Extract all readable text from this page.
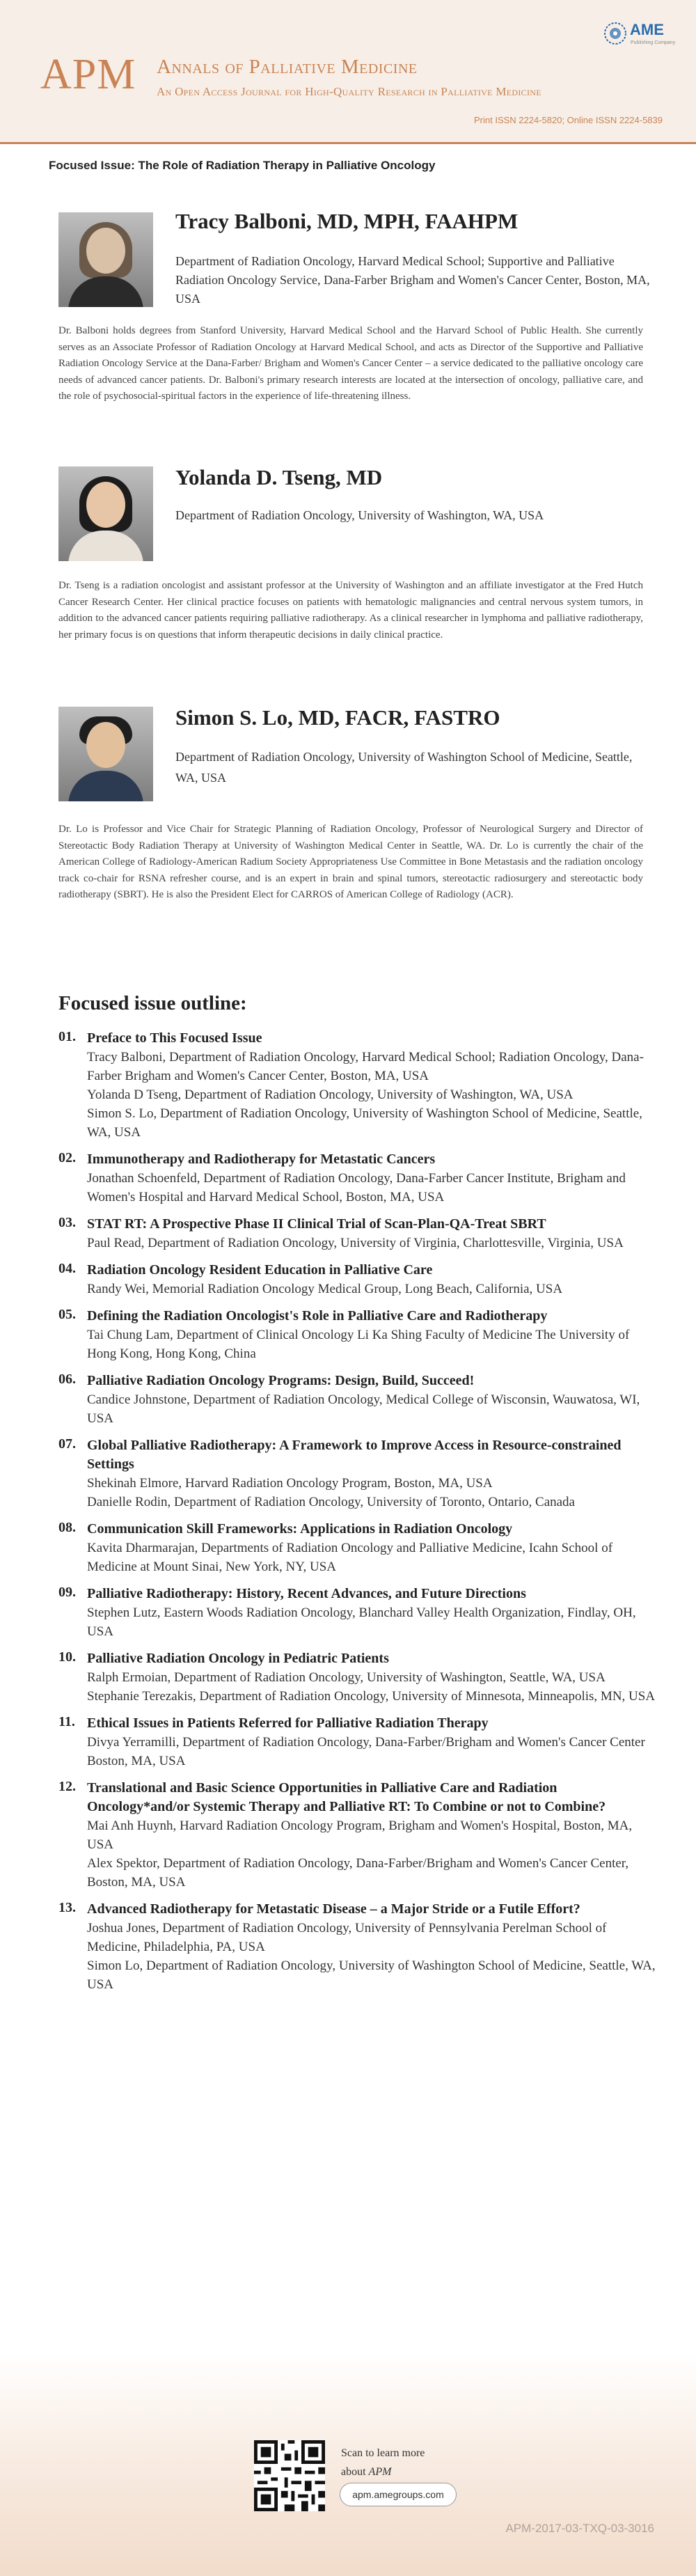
APM Annals of Palliative Medicine
An Open Access Journal for High-Quality Research in Palliative Medicine
AME
Publishing Company
Print ISSN 2224-5820; Online ISSN 2224-5839
Focused Issue: The Role of Radiation Therapy in Palliative Oncology
Tracy Balboni, MD, MPH, FAAHPM
Department of Radiation Oncology, Harvard Medical School; Supportive and Palliative Radiation Oncology Service, Dana-Farber Brigham and Women's Cancer Center, Boston, MA, USA
Dr. Balboni holds degrees from Stanford University, Harvard Medical School and the Harvard School of Public Health. She currently serves as an Associate Professor of Radiation Oncology at Harvard Medical School, and acts as Director of the Supportive and Palliative Radiation Oncology Service at the Dana-Farber/ Brigham and Women's Cancer Center – a service dedicated to the palliative oncology care needs of advanced cancer patients. Dr. Balboni's primary research interests are located at the intersection of oncology, palliative care, and the role of psychosocial-spiritual factors in the experience of life-threatening illness.
Yolanda D. Tseng, MD
Department of Radiation Oncology, University of Washington, WA, USA
Dr. Tseng is a radiation oncologist and assistant professor at the University of Washington and an affiliate investigator at the Fred Hutch Cancer Research Center. Her clinical practice focuses on patients with hematologic malignancies and central nervous system tumors, in addition to the advanced cancer patients requiring palliative radiotherapy. As a clinical researcher in lymphoma and palliative radiotherapy, her primary focus is on questions that inform therapeutic decisions in daily clinical practice.
Simon S. Lo, MD, FACR, FASTRO
Department of Radiation Oncology, University of Washington School of Medicine, Seattle, WA, USA
Dr. Lo is Professor and Vice Chair for Strategic Planning of Radiation Oncology, Professor of Neurological Surgery and Director of Stereotactic Body Radiation Therapy at University of Washington Medical Center in Seattle, WA. Dr. Lo is currently the chair of the American College of Radiology-American Radium Society Appropriateness Use Committee in Bone Metastasis and the radiation oncology track co-chair for RSNA refresher course, and is an expert in brain and spinal tumors, stereotactic radiosurgery and stereotactic body radiotherapy (SBRT). He is also the President Elect for CARROS of American College of Radiology (ACR).
Focused issue outline:
01. Preface to This Focused Issue
Tracy Balboni, Department of Radiation Oncology, Harvard Medical School; Radiation Oncology, Dana-Farber Brigham and Women's Cancer Center, Boston, MA, USA
Yolanda D Tseng, Department of Radiation Oncology, University of Washington, WA, USA
Simon S. Lo, Department of Radiation Oncology, University of Washington School of Medicine, Seattle, WA, USA
02. Immunotherapy and Radiotherapy for Metastatic Cancers
Jonathan Schoenfeld, Department of Radiation Oncology, Dana-Farber Cancer Institute, Brigham and Women's Hospital and Harvard Medical School, Boston, MA, USA
03. STAT RT: A Prospective Phase II Clinical Trial of Scan-Plan-QA-Treat SBRT
Paul Read, Department of Radiation Oncology, University of Virginia, Charlottesville, Virginia, USA
04. Radiation Oncology Resident Education in Palliative Care
Randy Wei, Memorial Radiation Oncology Medical Group, Long Beach, California, USA
05. Defining the Radiation Oncologist's Role in Palliative Care and Radiotherapy
Tai Chung Lam, Department of Clinical Oncology Li Ka Shing Faculty of Medicine The University of Hong Kong, Hong Kong, China
06. Palliative Radiation Oncology Programs: Design, Build, Succeed!
Candice Johnstone, Department of Radiation Oncology, Medical College of Wisconsin, Wauwatosa, WI, USA
07. Global Palliative Radiotherapy: A Framework to Improve Access in Resource-constrained Settings
Shekinah Elmore, Harvard Radiation Oncology Program, Boston, MA, USA
Danielle Rodin, Department of Radiation Oncology, University of Toronto, Ontario, Canada
08. Communication Skill Frameworks: Applications in Radiation Oncology
Kavita Dharmarajan, Departments of Radiation Oncology and Palliative Medicine, Icahn School of Medicine at Mount Sinai, New York, NY, USA
09. Palliative Radiotherapy: History, Recent Advances, and Future Directions
Stephen Lutz, Eastern Woods Radiation Oncology, Blanchard Valley Health Organization, Findlay, OH, USA
10. Palliative Radiation Oncology in Pediatric Patients
Ralph Ermoian, Department of Radiation Oncology, University of Washington, Seattle, WA, USA
Stephanie Terezakis, Department of Radiation Oncology, University of Minnesota, Minneapolis, MN, USA
11. Ethical Issues in Patients Referred for Palliative Radiation Therapy
Divya Yerramilli, Department of Radiation Oncology, Dana-Farber/Brigham and Women's Cancer Center Boston, MA, USA
12. Translational and Basic Science Opportunities in Palliative Care and Radiation Oncology*and/or Systemic Therapy and Palliative RT: To Combine or not to Combine?
Mai Anh Huynh, Harvard Radiation Oncology Program, Brigham and Women's Hospital, Boston, MA, USA
Alex Spektor, Department of Radiation Oncology, Dana-Farber/Brigham and Women's Cancer Center, Boston, MA, USA
13. Advanced Radiotherapy for Metastatic Disease – a Major Stride or a Futile Effort?
Joshua Jones, Department of Radiation Oncology, University of Pennsylvania Perelman School of Medicine, Philadelphia, PA, USA
Simon Lo, Department of Radiation Oncology, University of Washington School of Medicine, Seattle, WA, USA
Scan to learn more
about APM
apm.amegroups.com
APM-2017-03-TXQ-03-3016
